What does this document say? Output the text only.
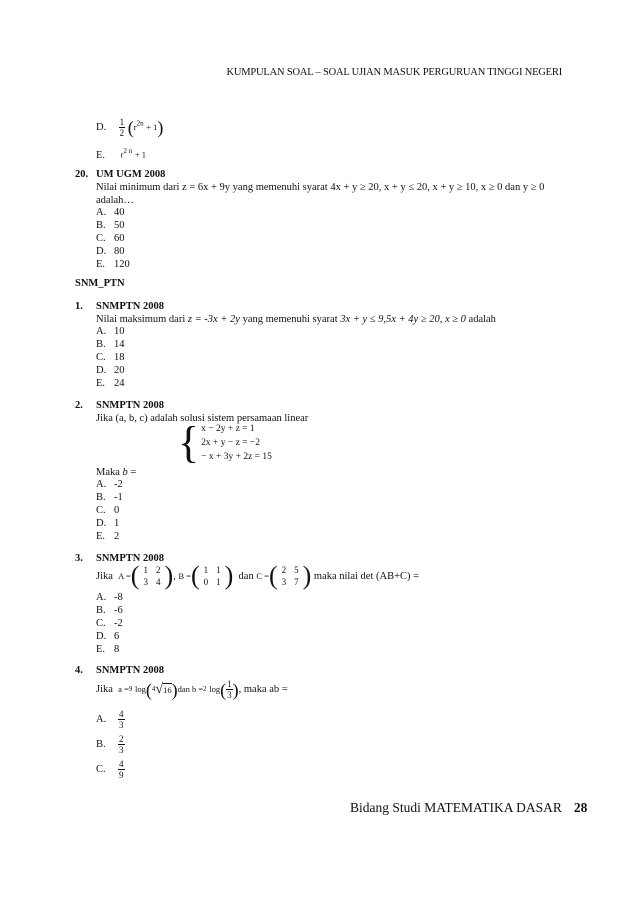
KUMPULAN SOAL – SOAL UJIAN MASUK PERGURUAN TINGGI NEGERI
D. $\frac{1}{2} (r^{2n} + 1)$
E. $r^{2 n} + 1$
20. UM UGM 2008
Nilai minimum dari z = 6x + 9y yang memenuhi syarat 4x + y ≥ 20, x + y ≤ 20, x + y ≥ 10, x ≥ 0 dan y ≥ 0
adalah…
A. 40
B. 50
C. 60
D. 80
E. 120
SNM_PTN
1. SNMPTN 2008
Nilai maksimum dari z = -3x + 2y yang memenuhi syarat 3x + y ≤ 9,5x + 4y ≥ 20, x ≥ 0 adalah
A. 10
B. 14
C. 18
D. 20
E. 24
2. SNMPTN 2008
Jika (a, b, c) adalah solusi sistem persamaan linear
{ x − 2y + z = 1
2x + y − z = −2
− x + 3y + 2z = 15
Maka b =
A. -2
B. -1
C. 0
D. 1
E. 2
3. SNMPTN 2008
Jika
A = ( 1	2
3	4 ) ,
B = ( 1	1
0	1 )
dan
C = ( 2	5
3	7 )
maka nilai det (AB+C) =
A. -8
B. -6
C. -2
D. 6
E. 8
4. SNMPTN 2008
Jika
a = 9
log ( 4 √ 16 ) dan b = 2
log ( $\frac{1}{3}$ ) , maka ab =
A.	$\frac{4}{3}$
B.	$\frac{2}{3}$
C.	$\frac{4}{9}$
Bidang Studi MATEMATIKA DASAR 28
